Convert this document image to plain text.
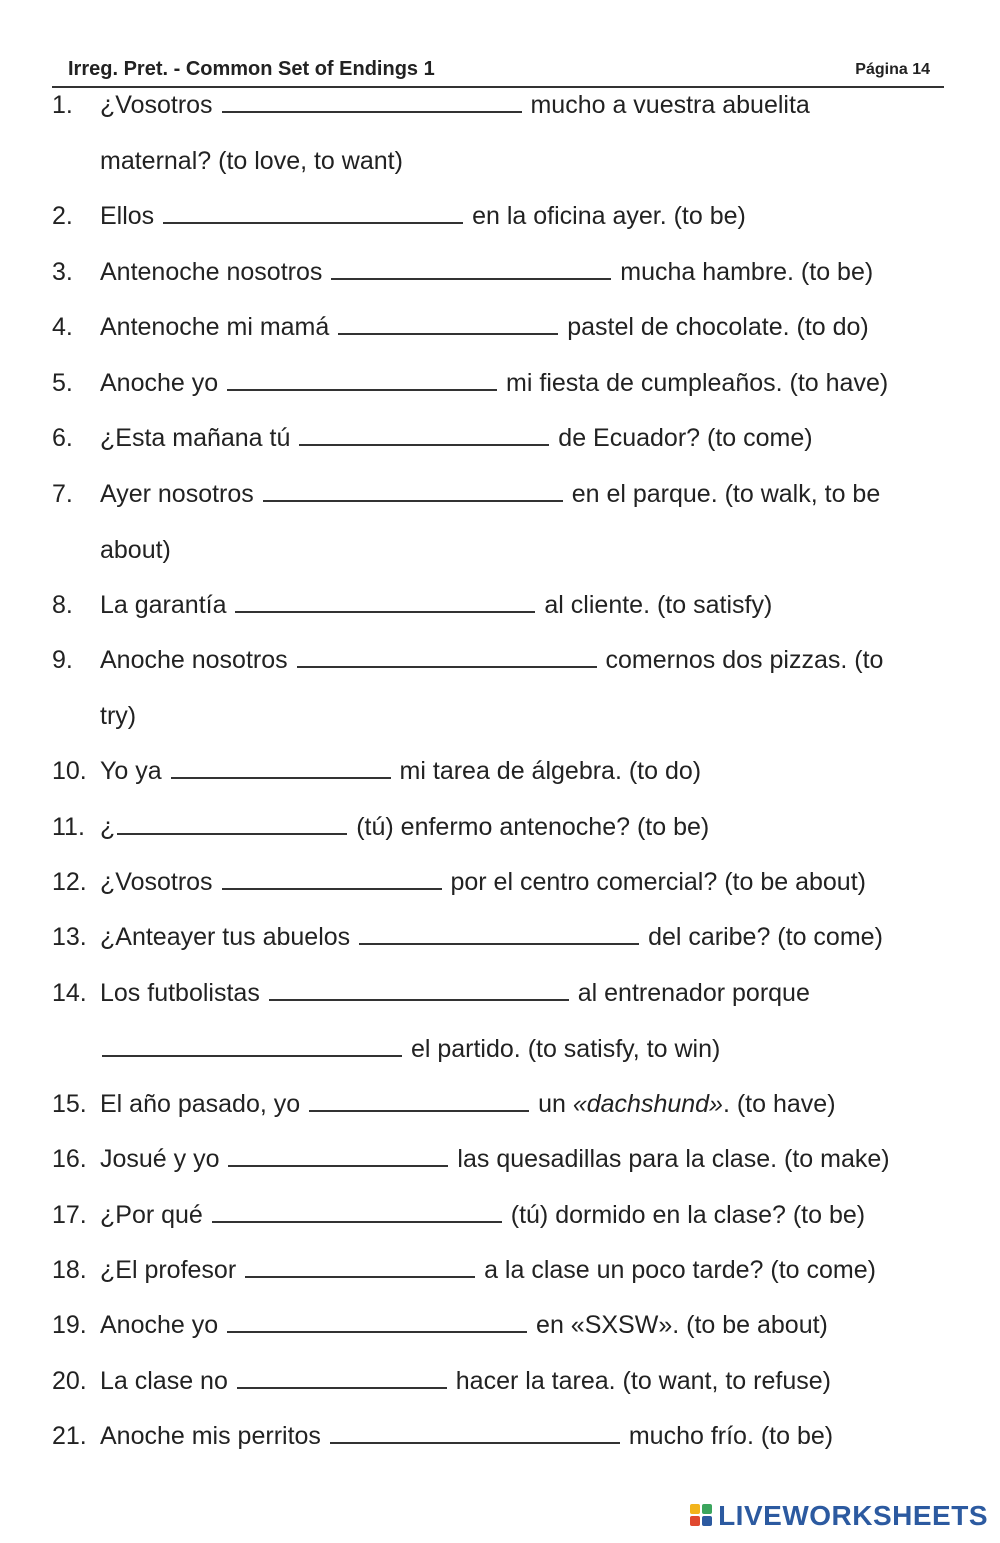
Irreg. Pret. - Common Set of Endings 1	Página 14
1.	¿Vosotros	mucho a vuestra abuelita
maternal? (to love, to want)
2.	Ellos	en la oficina ayer. (to be)
3.	Antenoche nosotros	mucha hambre. (to be)
4.	Antenoche mi mamá	pastel de chocolate. (to do)
5.	Anoche yo	mi fiesta de cumpleaños. (to have)
6.	¿Esta mañana tú	de Ecuador? (to come)
7.	Ayer nosotros	en el parque. (to walk, to be
about)
8.	La garantía	al cliente. (to satisfy)
9.	Anoche nosotros	comernos dos pizzas. (to
try)
10. Yo ya	mi tarea de álgebra. (to do)
11. ¿	(tú) enfermo antenoche? (to be)
12. ¿Vosotros	por el centro comercial? (to be about)
13. ¿Anteayer tus abuelos	del caribe? (to come)
14. Los futbolistas	al entrenador porque
el partido. (to satisfy, to win)
15. El año pasado, yo	un «dachshund». (to have)
16. Josué y yo	las quesadillas para la clase. (to make)
17. ¿Por qué	(tú) dormido en la clase? (to be)
18. ¿El profesor	a la clase un poco tarde? (to come)
19. Anoche yo	en «SXSW». (to be about)
20. La clase no	hacer la tarea. (to want, to refuse)
21. Anoche mis perritos	mucho frío. (to be)
LIVEWORKSHEETS
